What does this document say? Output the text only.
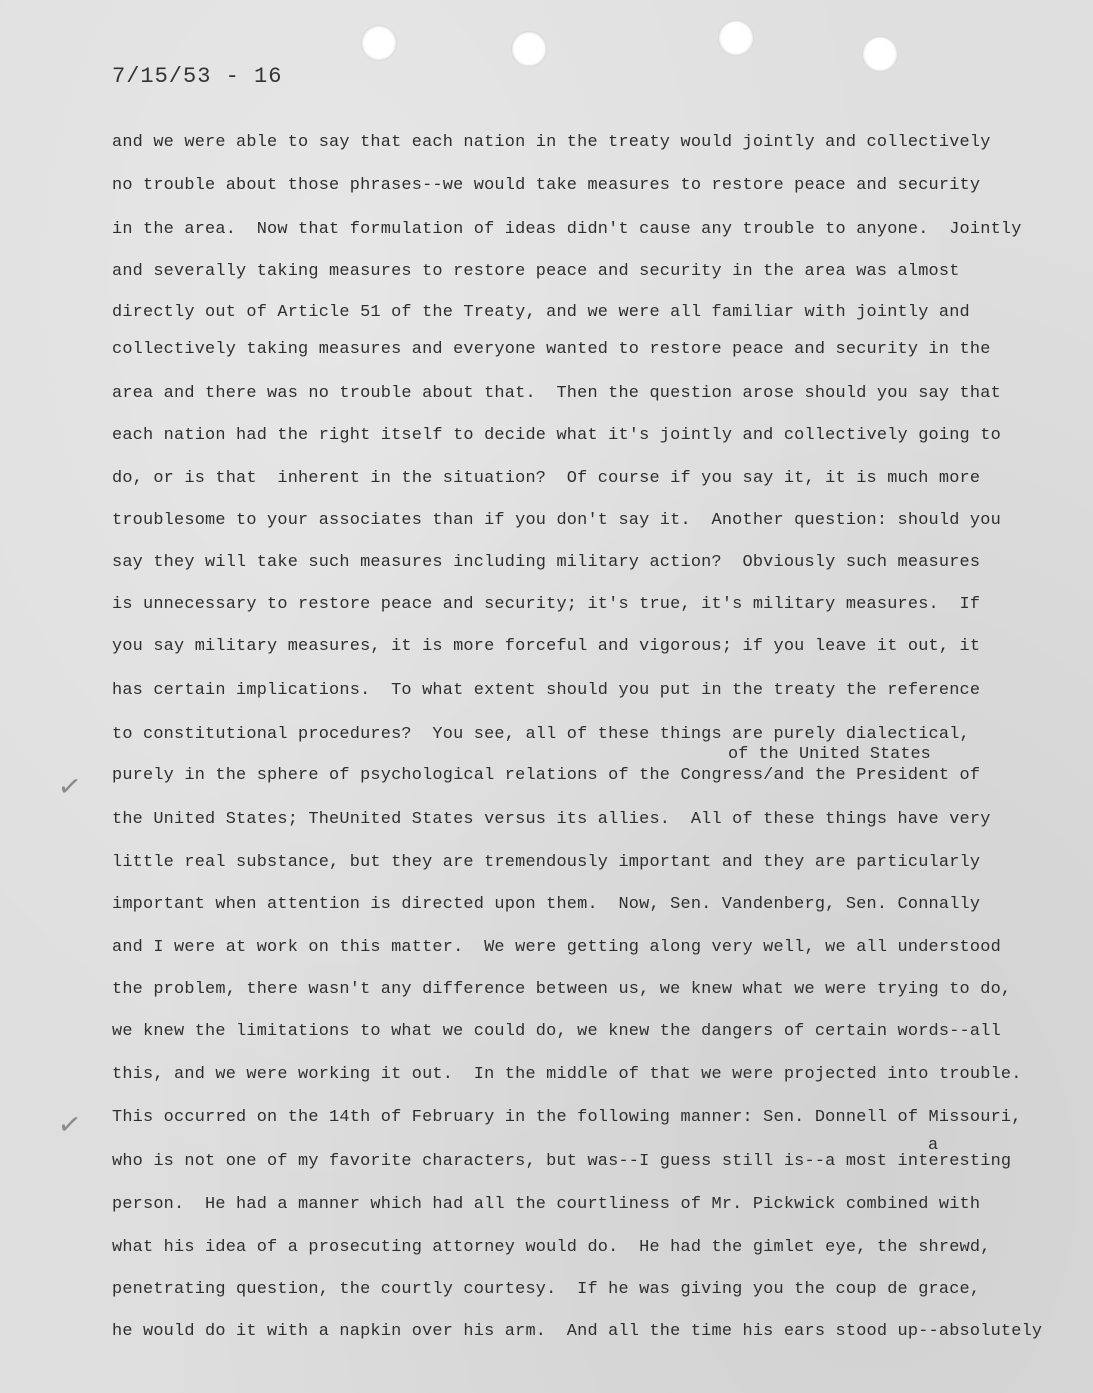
7/15/53 - 16
and we were able to say that each nation in the treaty would jointly and collectively
no trouble about those phrases--we would take measures to restore peace and security
in the area.  Now that formulation of ideas didn't cause any trouble to anyone.  Jointly
and severally taking measures to restore peace and security in the area was almost
directly out of Article 51 of the Treaty, and we were all familiar with jointly and
collectively taking measures and everyone wanted to restore peace and security in the
area and there was no trouble about that.  Then the question arose should you say that
each nation had the right itself to decide what it's jointly and collectively going to
do, or is that  inherent in the situation?  Of course if you say it, it is much more
troublesome to your associates than if you don't say it.  Another question: should you
say they will take such measures including military action?  Obviously such measures
is unnecessary to restore peace and security; it's true, it's military measures.  If
you say military measures, it is more forceful and vigorous; if you leave it out, it
has certain implications.  To what extent should you put in the treaty the reference
to constitutional procedures?  You see, all of these things are purely dialectical,
of the United States
purely in the sphere of psychological relations of the Congress/and the President of
the United States; TheUnited States versus its allies.  All of these things have very
little real substance, but they are tremendously important and they are particularly
important when attention is directed upon them.  Now, Sen. Vandenberg, Sen. Connally
and I were at work on this matter.  We were getting along very well, we all understood
the problem, there wasn't any difference between us, we knew what we were trying to do,
we knew the limitations to what we could do, we knew the dangers of certain words--all
this, and we were working it out.  In the middle of that we were projected into trouble.
This occurred on the 14th of February in the following manner: Sen. Donnell of Missouri,
a
who is not one of my favorite characters, but was--I guess still is--a most interesting
person.  He had a manner which had all the courtliness of Mr. Pickwick combined with
what his idea of a prosecuting attorney would do.  He had the gimlet eye, the shrewd,
penetrating question, the courtly courtesy.  If he was giving you the coup de grace,
he would do it with a napkin over his arm.  And all the time his ears stood up--absolutely
✓
✓
